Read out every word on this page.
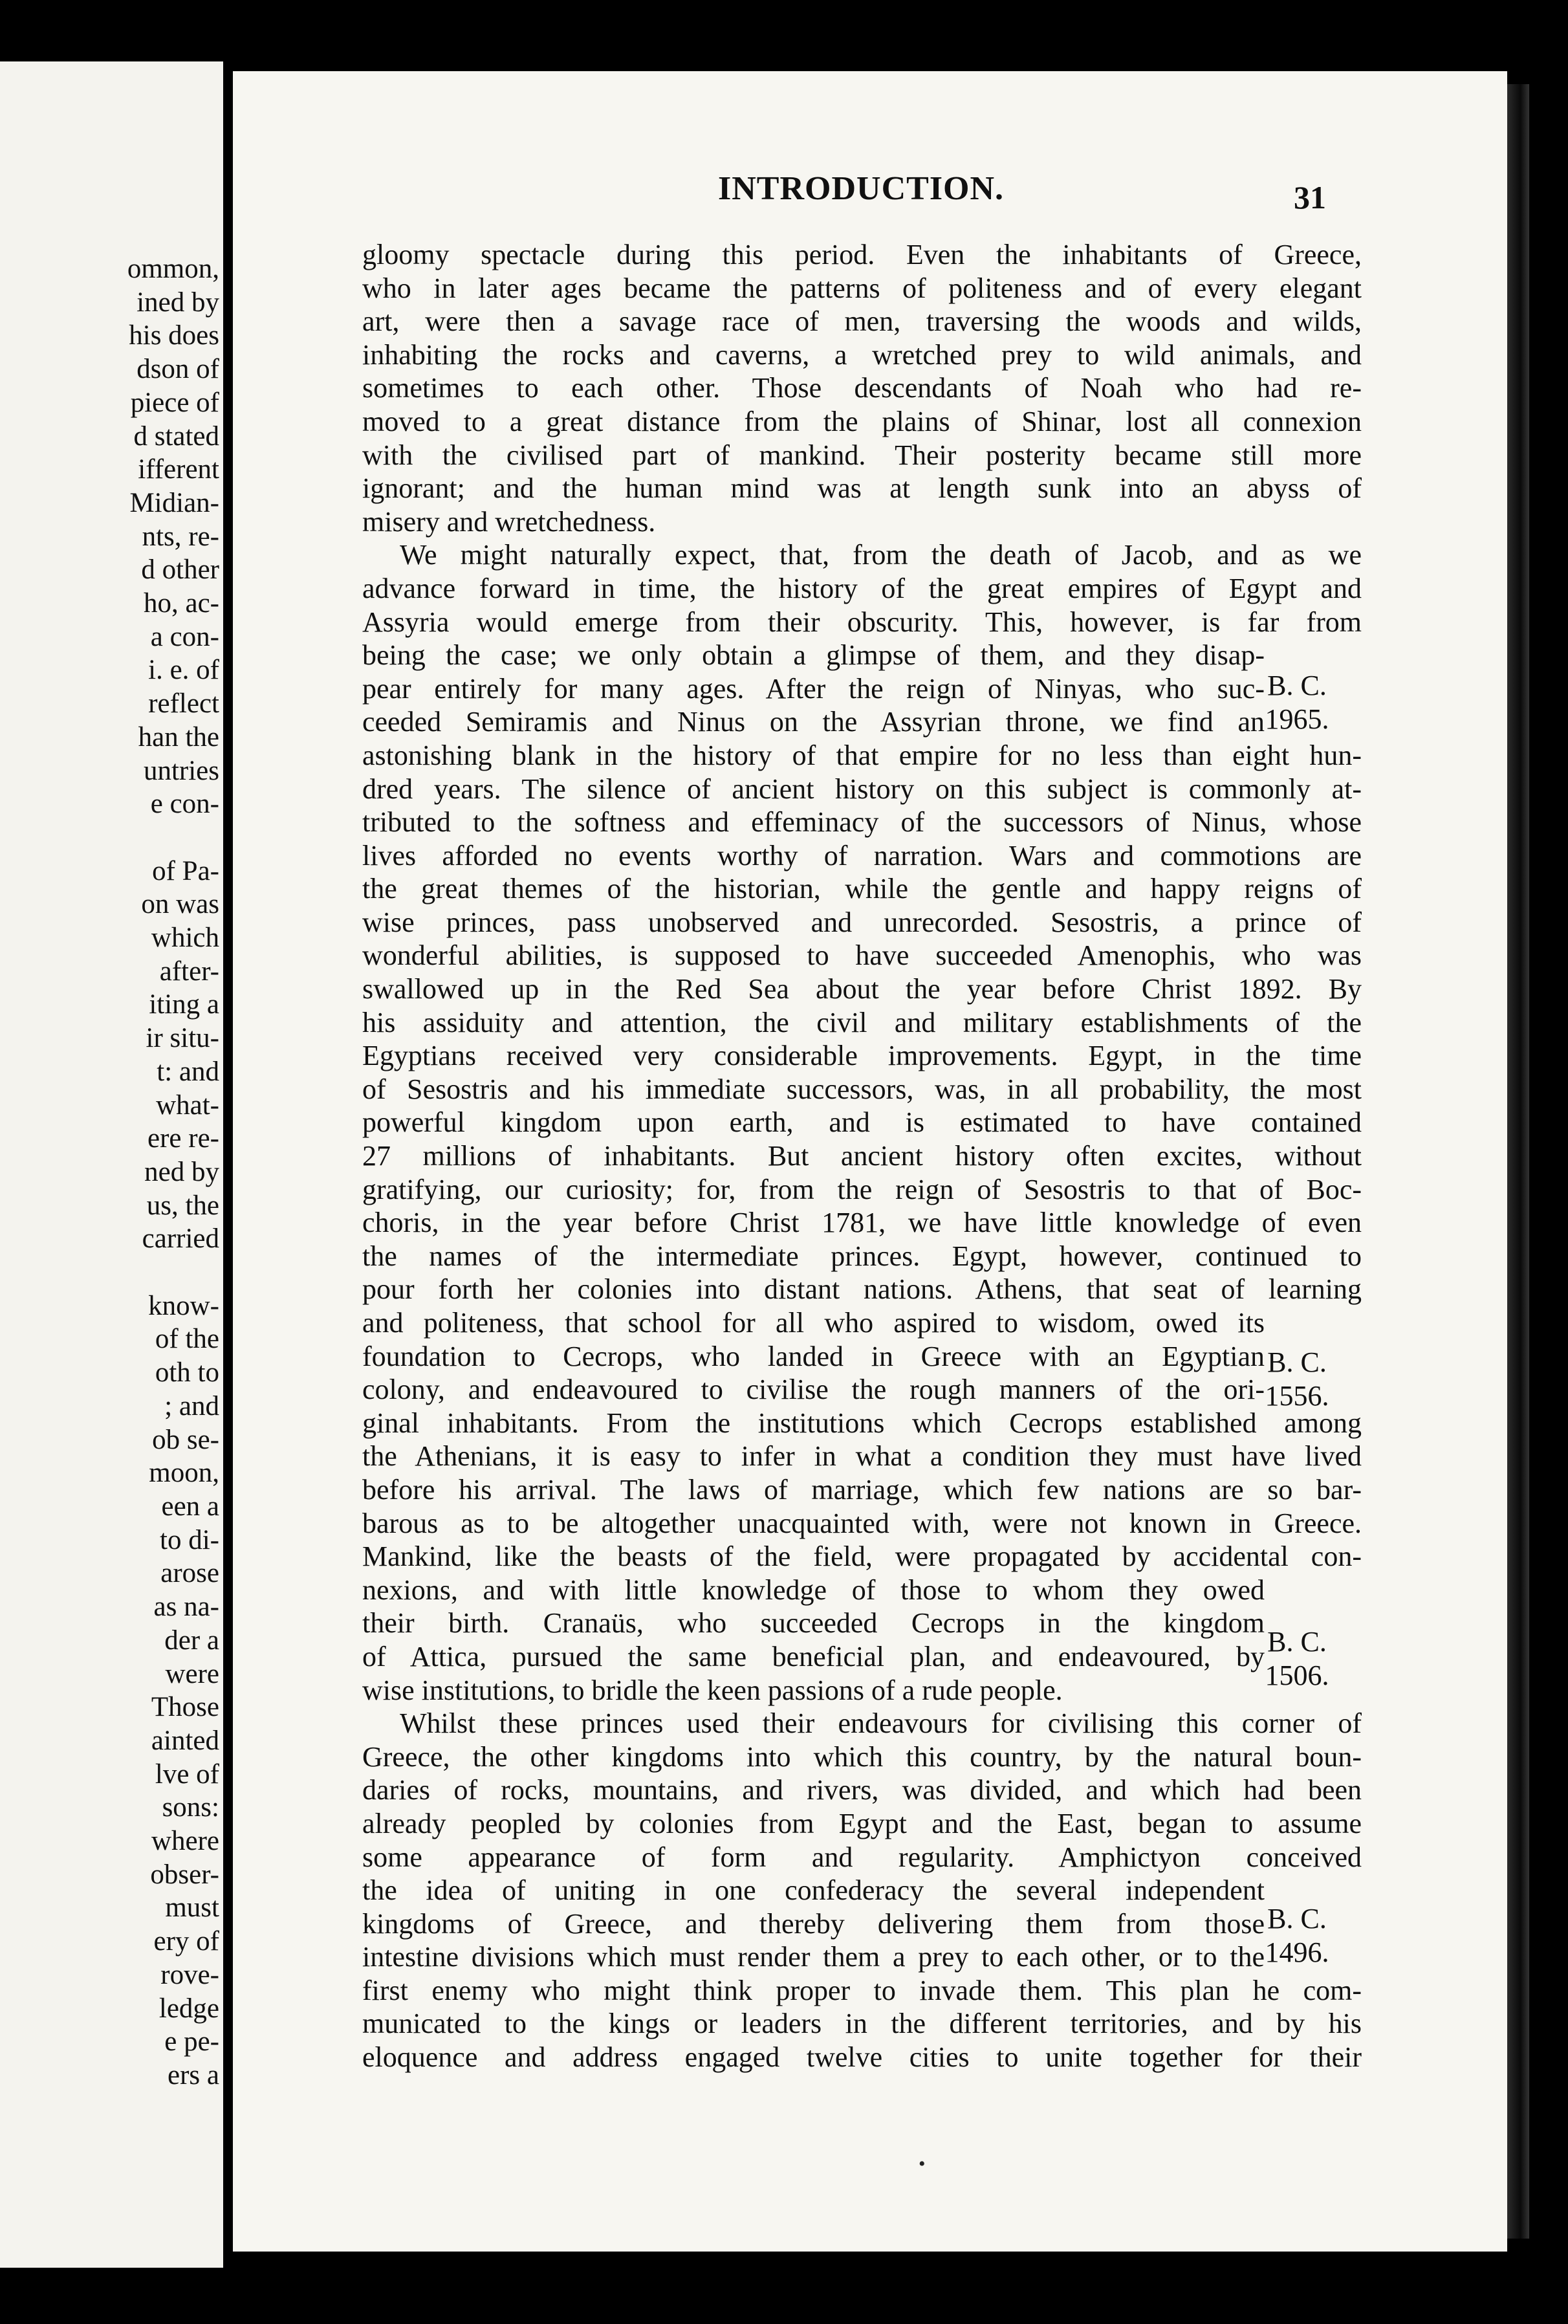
ommon,
ined by
his does
dson of
piece of
d stated
ifferent
Midian-
nts, re-
d other
ho, ac-
a con-
i. e. of
reflect
han the
untries
e con-
of Pa-
on was
which
after-
iting a
ir situ-
t: and
what-
ere re-
ned by
us, the
carried
know-
of the
oth to
; and
ob se-
moon,
een a
to di-
arose
as na-
der a
were
Those
ainted
lve of
sons:
where
obser-
must
ery of
rove-
ledge
e pe-
ers a
INTRODUCTION.	31
gloomy spectacle during this period. Even the inhabitants of Greece,
who in later ages became the patterns of politeness and of every elegant
art, were then a savage race of men, traversing the woods and wilds,
inhabiting the rocks and caverns, a wretched prey to wild animals, and
sometimes to each other. Those descendants of Noah who had re-
moved to a great distance from the plains of Shinar, lost all connexion
with the civilised part of mankind. Their posterity became still more
ignorant; and the human mind was at length sunk into an abyss of
misery and wretchedness.
We might naturally expect, that, from the death of Jacob, and as we
advance forward in time, the history of the great empires of Egypt and
Assyria would emerge from their obscurity. This, however, is far from
being the case; we only obtain a glimpse of them, and they disap-
pear entirely for many ages. After the reign of Ninyas, who suc-
ceeded Semiramis and Ninus on the Assyrian throne, we find an
astonishing blank in the history of that empire for no less than eight hun-
dred years. The silence of ancient history on this subject is commonly at-
tributed to the softness and effeminacy of the successors of Ninus, whose
lives afforded no events worthy of narration. Wars and commotions are
the great themes of the historian, while the gentle and happy reigns of
wise princes, pass unobserved and unrecorded. Sesostris, a prince of
wonderful abilities, is supposed to have succeeded Amenophis, who was
swallowed up in the Red Sea about the year before Christ 1892. By
his assiduity and attention, the civil and military establishments of the
Egyptians received very considerable improvements. Egypt, in the time
of Sesostris and his immediate successors, was, in all probability, the most
powerful kingdom upon earth, and is estimated to have contained
27 millions of inhabitants. But ancient history often excites, without
gratifying, our curiosity; for, from the reign of Sesostris to that of Boc-
choris, in the year before Christ 1781, we have little knowledge of even
the names of the intermediate princes. Egypt, however, continued to
pour forth her colonies into distant nations. Athens, that seat of learning
and politeness, that school for all who aspired to wisdom, owed its
foundation to Cecrops, who landed in Greece with an Egyptian
colony, and endeavoured to civilise the rough manners of the ori-
ginal inhabitants. From the institutions which Cecrops established among
the Athenians, it is easy to infer in what a condition they must have lived
before his arrival. The laws of marriage, which few nations are so bar-
barous as to be altogether unacquainted with, were not known in Greece.
Mankind, like the beasts of the field, were propagated by accidental con-
nexions, and with little knowledge of those to whom they owed
their birth. Cranaüs, who succeeded Cecrops in the kingdom
of Attica, pursued the same beneficial plan, and endeavoured, by
wise institutions, to bridle the keen passions of a rude people.
Whilst these princes used their endeavours for civilising this corner of
Greece, the other kingdoms into which this country, by the natural boun-
daries of rocks, mountains, and rivers, was divided, and which had been
already peopled by colonies from Egypt and the East, began to assume
some appearance of form and regularity. Amphictyon conceived
the idea of uniting in one confederacy the several independent
kingdoms of Greece, and thereby delivering them from those
intestine divisions which must render them a prey to each other, or to the
first enemy who might think proper to invade them. This plan he com-
municated to the kings or leaders in the different territories, and by his
eloquence and address engaged twelve cities to unite together for their
B. C.
1965.
B. C.
1556.
B. C.
1506.
B. C.
1496.
•
